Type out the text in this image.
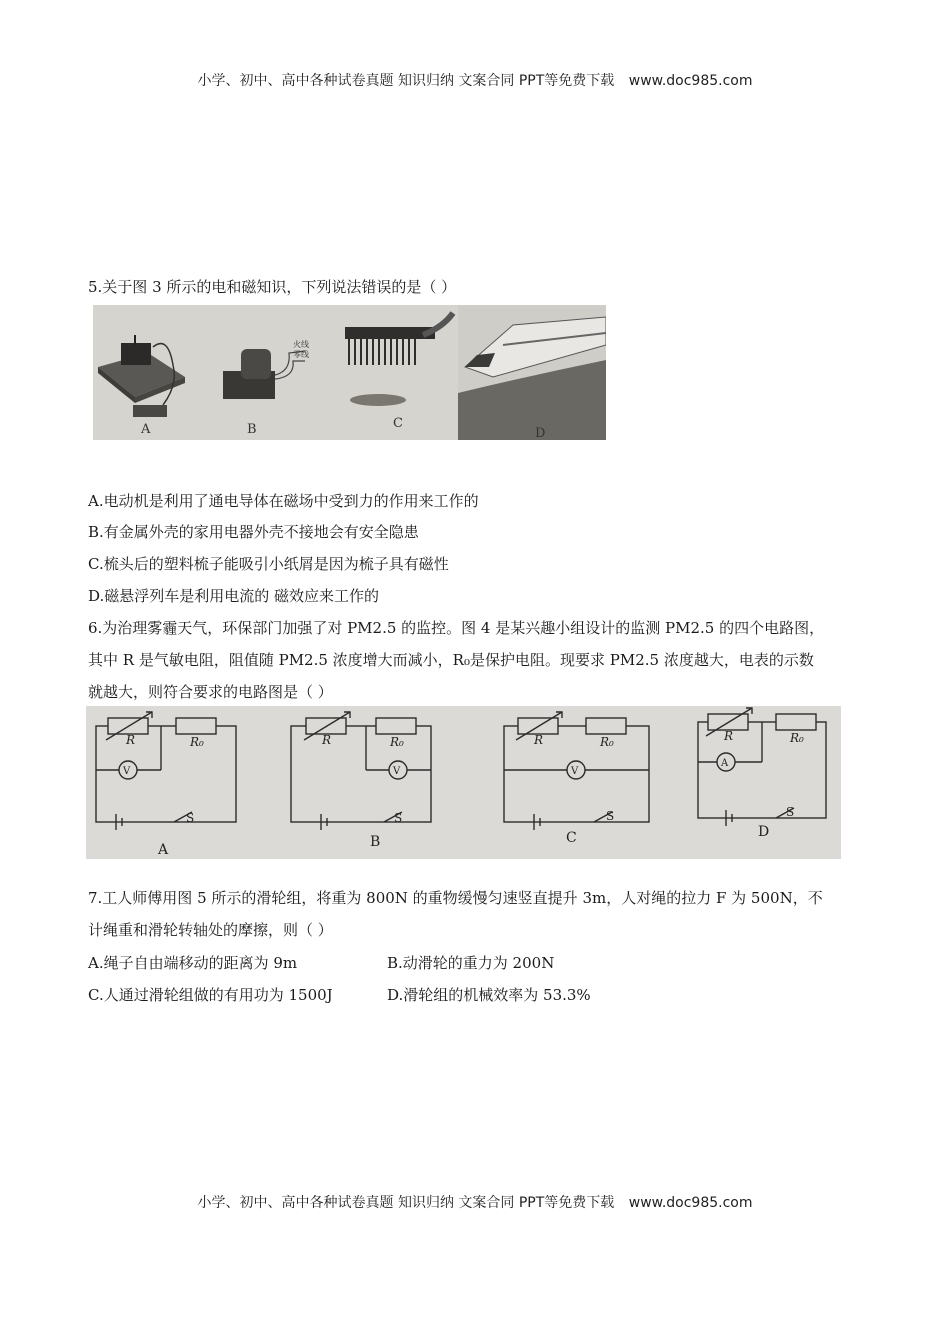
小学、初中、高中各种试卷真题 知识归纳 文案合同 PPT等免费下载 www.doc985.com
5.关于图 3 所示的电和磁知识，下列说法错误的是（ ）
A
火线
零线
B	C
D
A.电动机是利用了通电导体在磁场中受到力的作用来工作的
B.有金属外壳的家用电器外壳不接地会有安全隐患
C.梳头后的塑料梳子能吸引小纸屑是因为梳子具有磁性
D.磁悬浮列车是利用电流的 磁效应来工作的
6.为治理雾霾天气，环保部门加强了对 PM2.5 的监控。图 4 是某兴趣小组设计的监测 PM2.5 的四个电路图，
其中 R 是气敏电阻，阻值随 PM2.5 浓度增大而减小，R₀是保护电阻。现要求 PM2.5 浓度越大，电表的示数
就越大，则符合要求的电路图是（ ）
R	R₀
V
S
R	R₀
V
S
R	R₀
V
S
R	R₀
A
S
A	B	C	D
7.工人师傅用图 5 所示的滑轮组，将重为 800N 的重物缓慢匀速竖直提升 3m，人对绳的拉力 F 为 500N，不
计绳重和滑轮转轴处的摩擦，则（ ）
A.绳子自由端移动的距离为 9m	B.动滑轮的重力为 200N
C.人通过滑轮组做的有用功为 1500J	D.滑轮组的机械效率为 53.3%
小学、初中、高中各种试卷真题 知识归纳 文案合同 PPT等免费下载 www.doc985.com
